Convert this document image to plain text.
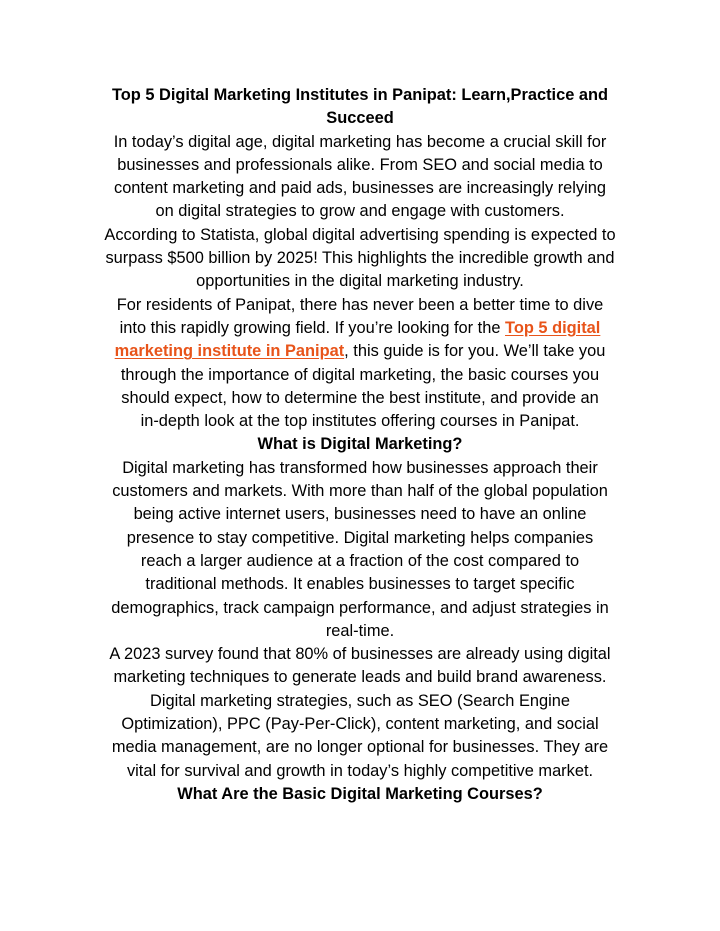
Top 5 Digital Marketing Institutes in Panipat: Learn,Practice and
Succeed
In today’s digital age, digital marketing has become a crucial skill for
businesses and professionals alike. From SEO and social media to
content marketing and paid ads, businesses are increasingly relying
on digital strategies to grow and engage with customers.
According to Statista, global digital advertising spending is expected to
surpass $500 billion by 2025! This highlights the incredible growth and
opportunities in the digital marketing industry.
For residents of Panipat, there has never been a better time to dive
into this rapidly growing field. If you’re looking for the Top 5 digital
marketing institute in Panipat, this guide is for you. We’ll take you
through the importance of digital marketing, the basic courses you
should expect, how to determine the best institute, and provide an
in-depth look at the top institutes offering courses in Panipat.
What is Digital Marketing?
Digital marketing has transformed how businesses approach their
customers and markets. With more than half of the global population
being active internet users, businesses need to have an online
presence to stay competitive. Digital marketing helps companies
reach a larger audience at a fraction of the cost compared to
traditional methods. It enables businesses to target specific
demographics, track campaign performance, and adjust strategies in
real-time.
A 2023 survey found that 80% of businesses are already using digital
marketing techniques to generate leads and build brand awareness.
Digital marketing strategies, such as SEO (Search Engine
Optimization), PPC (Pay-Per-Click), content marketing, and social
media management, are no longer optional for businesses. They are
vital for survival and growth in today’s highly competitive market.
What Are the Basic Digital Marketing Courses?
